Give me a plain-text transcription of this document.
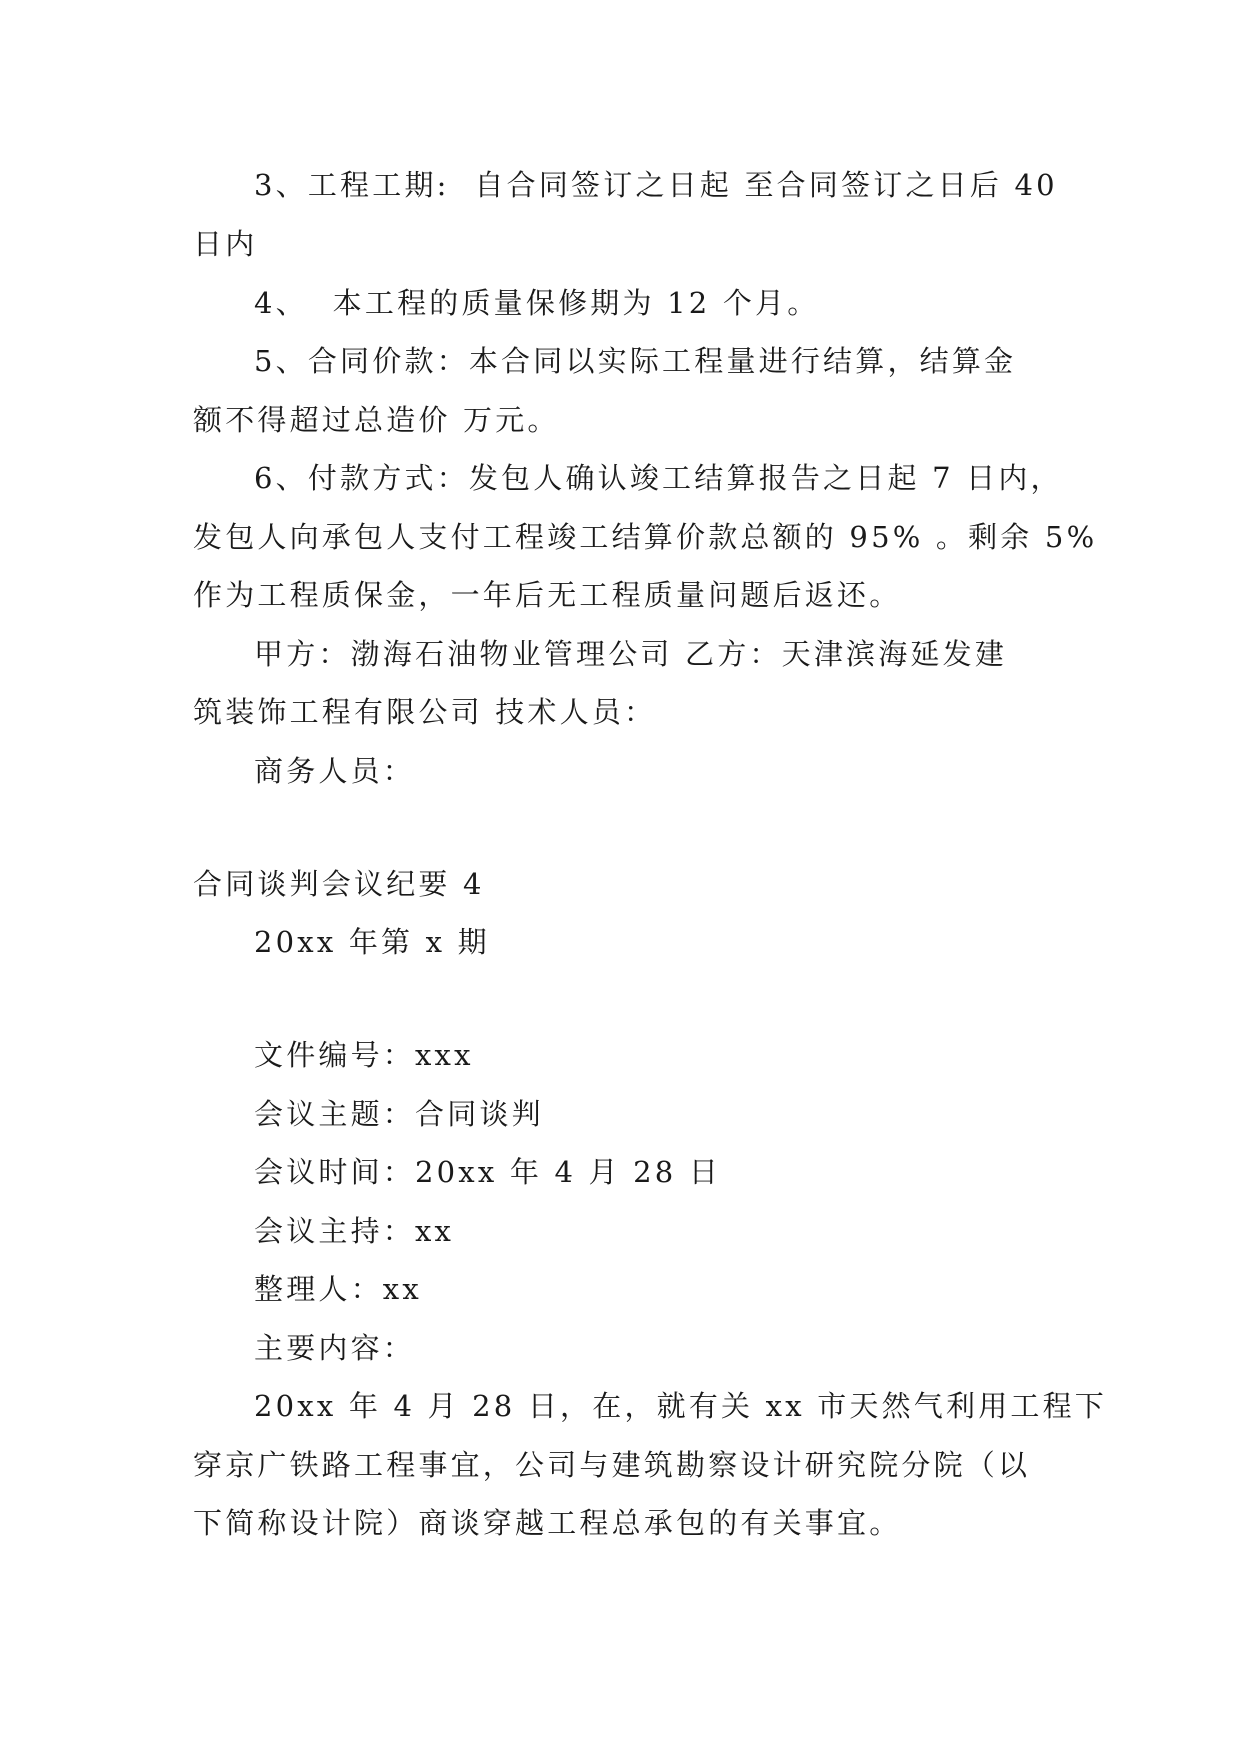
3、工程工期:  自合同签订之日起 至合同签订之日后 40
日内
4、  本工程的质量保修期为 12 个月。
5、合同价款：本合同以实际工程量进行结算，结算金
额不得超过总造价 万元。
6、付款方式：发包人确认竣工结算报告之日起 7 日内，
发包人向承包人支付工程竣工结算价款总额的 95% 。剩余 5%
作为工程质保金，一年后无工程质量问题后返还。
甲方：渤海石油物业管理公司 乙方：天津滨海延发建
筑装饰工程有限公司 技术人员：
商务人员：
合同谈判会议纪要 4
20xx 年第 x 期
文件编号：xxx
会议主题：合同谈判
会议时间：20xx 年 4 月 28 日
会议主持：xx
整理人：xx
主要内容：
20xx 年 4 月 28 日，在，就有关 xx 市天然气利用工程下
穿京广铁路工程事宜，公司与建筑勘察设计研究院分院（以
下简称设计院）商谈穿越工程总承包的有关事宜。
